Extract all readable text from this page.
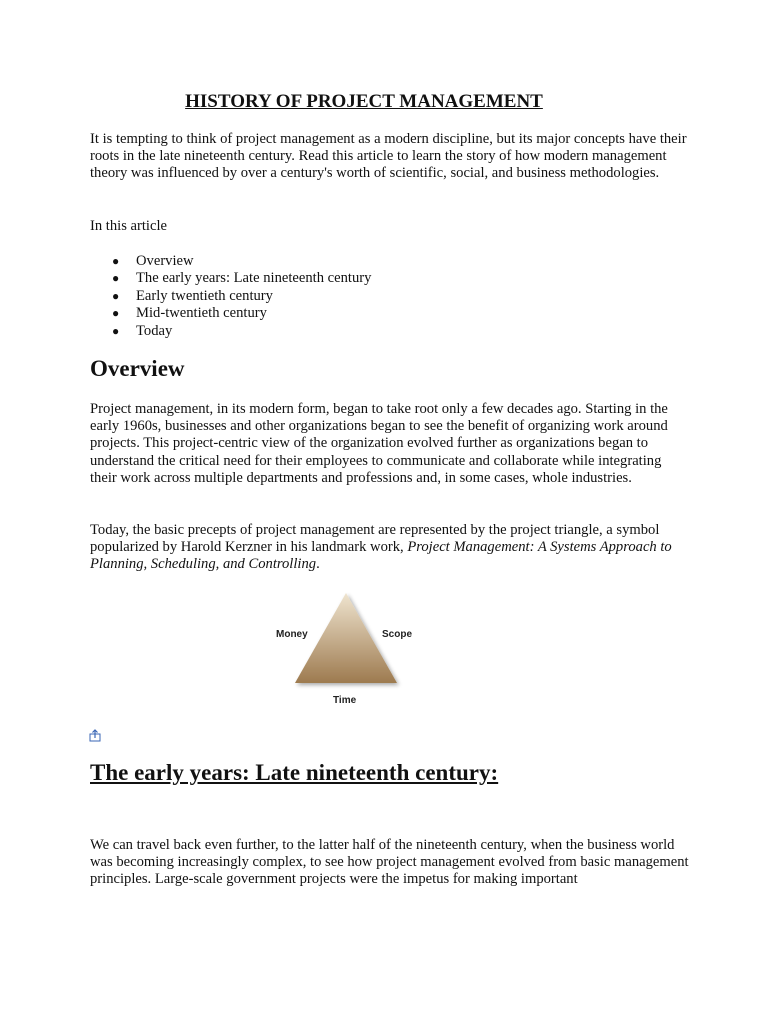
HISTORY OF PROJECT MANAGEMENT

It is tempting to think of project management as a modern discipline, but its major concepts have their roots in the late nineteenth century. Read this article to learn the story of how modern management theory was influenced by over a century's worth of scientific, social, and business methodologies.

In this article

● Overview
● The early years: Late nineteenth century
● Early twentieth century
● Mid-twentieth century
● Today
Overview

Project management, in its modern form, began to take root only a few decades ago. Starting in the early 1960s, businesses and other organizations began to see the benefit of organizing work around projects. This project-centric view of the organization evolved further as organizations began to understand the critical need for their employees to communicate and collaborate while integrating their work across multiple departments and professions and, in some cases, whole industries.

Today, the basic precepts of project management are represented by the project triangle, a symbol popularized by Harold Kerzner in his landmark work, Project Management: A Systems Approach to Planning, Scheduling, and Controlling.

Money	Scope
Time
The early years: Late nineteenth century:

We can travel back even further, to the latter half of the nineteenth century, when the business world was becoming increasingly complex, to see how project management evolved from basic management principles. Large-scale government projects were the impetus for making important
